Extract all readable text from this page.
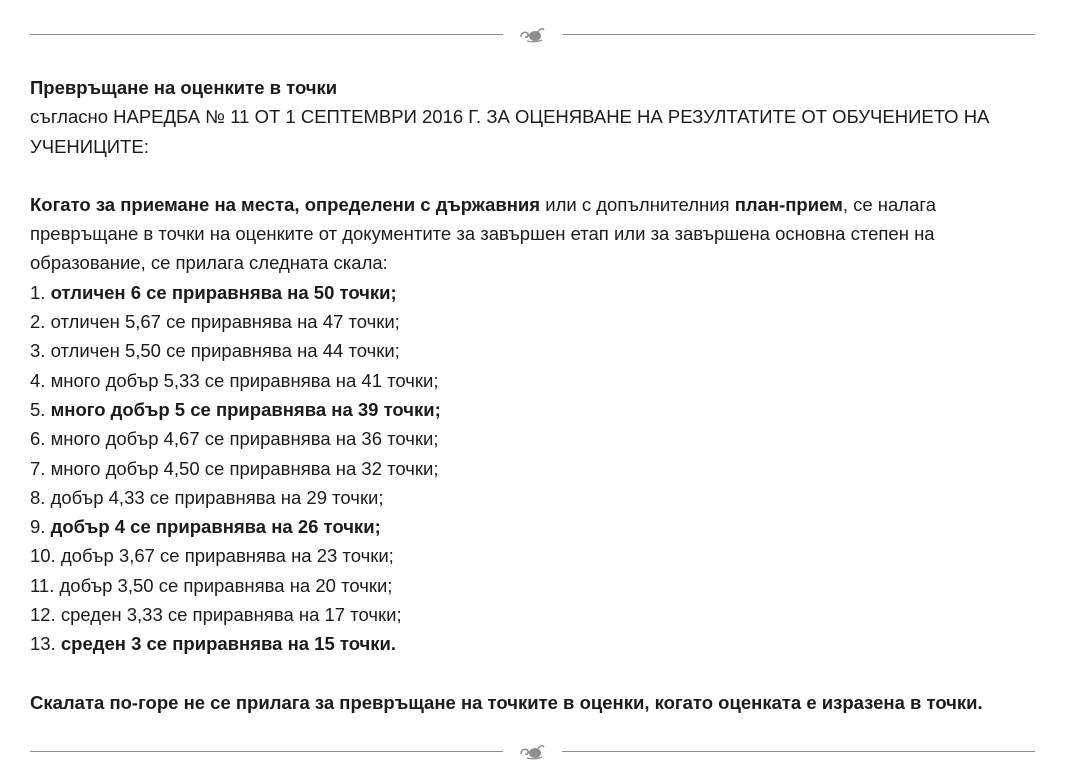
Превръщане на оценките в точки

съгласно НАРЕДБА № 11 ОТ 1 СЕПТЕМВРИ 2016 Г. ЗА ОЦЕНЯВАНЕ НА РЕЗУЛТАТИТЕ ОТ ОБУЧЕНИЕТО НА УЧЕНИЦИТЕ:

Когато за приемане на места, определени с държавния или с допълнителния план-прием, се налага превръщане в точки на оценките от документите за завършен етап или за завършена основна степен на образование, се прилага следната скала:

1. отличен 6 се приравнява на 50 точки;
2. отличен 5,67 се приравнява на 47 точки;
3. отличен 5,50 се приравнява на 44 точки;
4. много добър 5,33 се приравнява на 41 точки;
5. много добър 5 се приравнява на 39 точки;
6. много добър 4,67 се приравнява на 36 точки;
7. много добър 4,50 се приравнява на 32 точки;
8. добър 4,33 се приравнява на 29 точки;
9. добър 4 се приравнява на 26 точки;
10. добър 3,67 се приравнява на 23 точки;
11. добър 3,50 се приравнява на 20 точки;
12. среден 3,33 се приравнява на 17 точки;
13. среден 3 се приравнява на 15 точки.

Скалата по-горе не се прилага за превръщане на точките в оценки, когато оценката е изразена в точки.
